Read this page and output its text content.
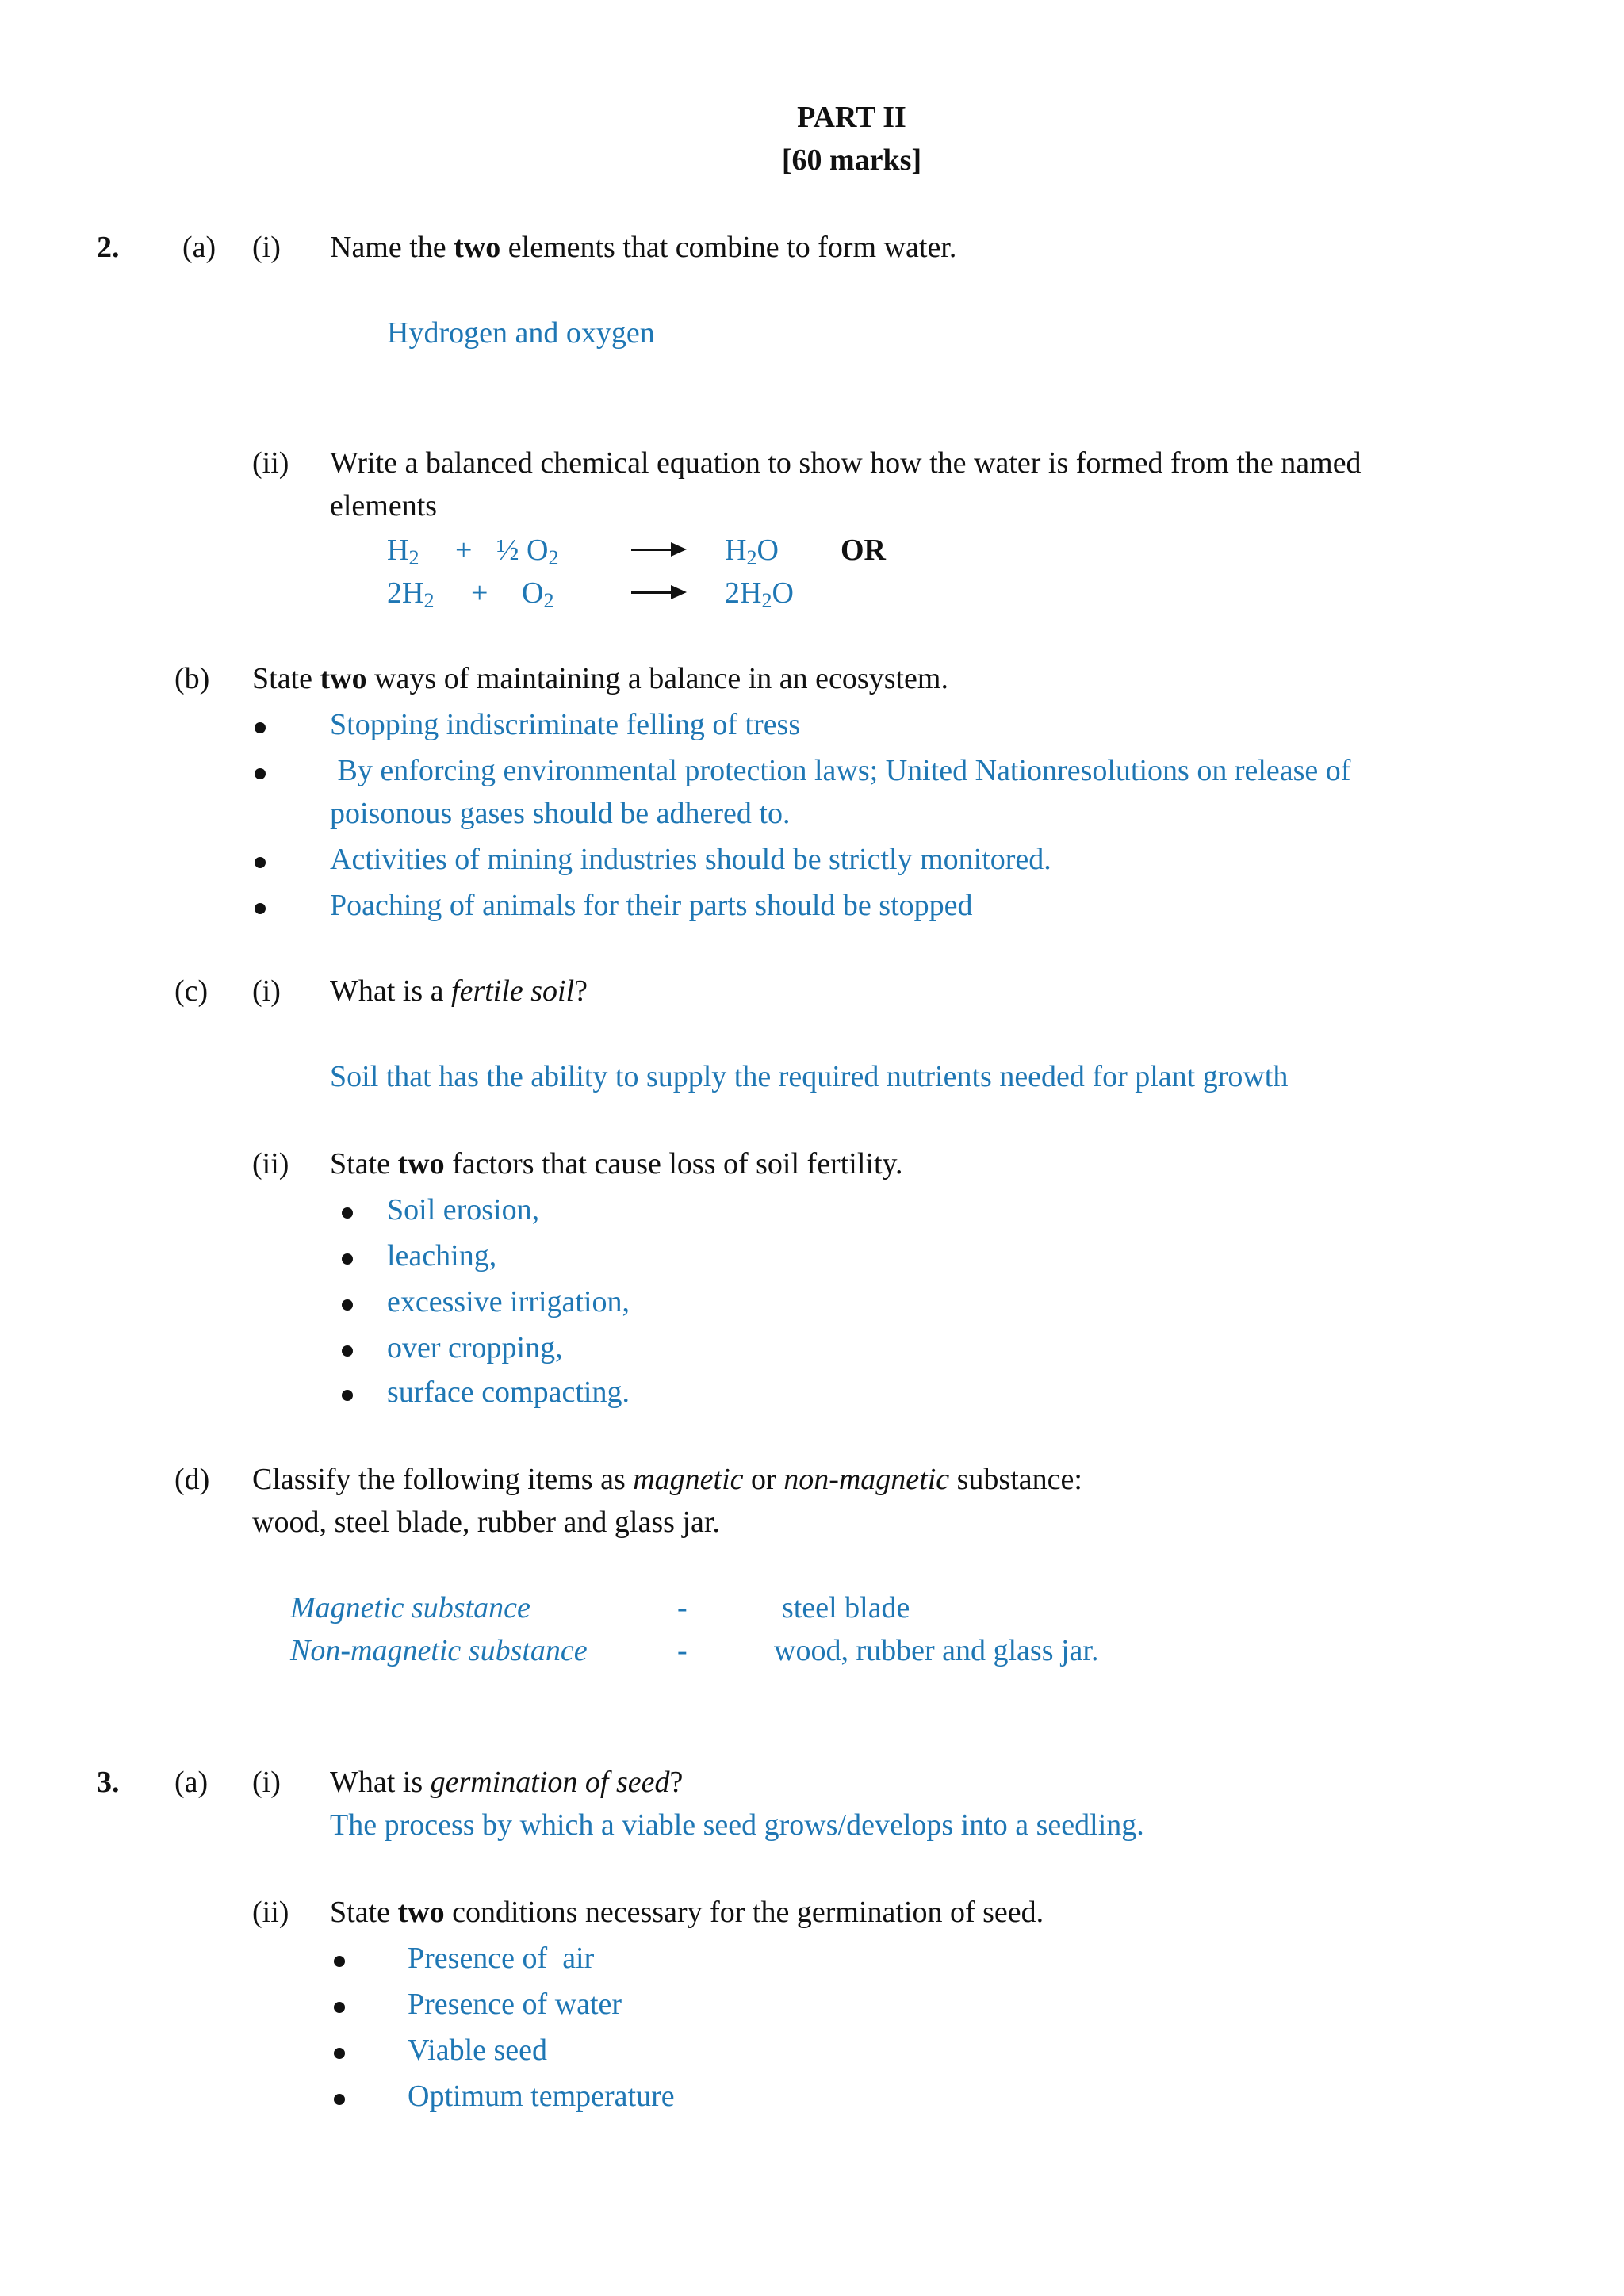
PART II
[60 marks]
2. (a) (i) Name the two elements that combine to form water.
Hydrogen and oxygen
(ii) Write a balanced chemical equation to show how the water is formed from the named
elements
$H_2$ + ½ $O_2$	$H_2O$ OR
$2H_2 + O_2$	$2H_2O$
(b) State two ways of maintaining a balance in an ecosystem.
Stopping indiscriminate felling of tress
By enforcing environmental protection laws; United Nationresolutions on release of
poisonous gases should be adhered to.
Activities of mining industries should be strictly monitored.
Poaching of animals for their parts should be stopped
(c) (i) What is a fertile soil?
Soil that has the ability to supply the required nutrients needed for plant growth
(ii) State two factors that cause loss of soil fertility.
Soil erosion,
leaching,
excessive irrigation,
over cropping,
surface compacting.
(d) Classify the following items as magnetic or non-magnetic substance:
wood, steel blade, rubber and glass jar.
Magnetic substance	-	steel blade
Non-magnetic substance	-	wood, rubber and glass jar.
3. (a) (i) What is germination of seed?
The process by which a viable seed grows/develops into a seedling.
(ii) State two conditions necessary for the germination of seed.
Presence of  air
Presence of water
Viable seed
Optimum temperature
